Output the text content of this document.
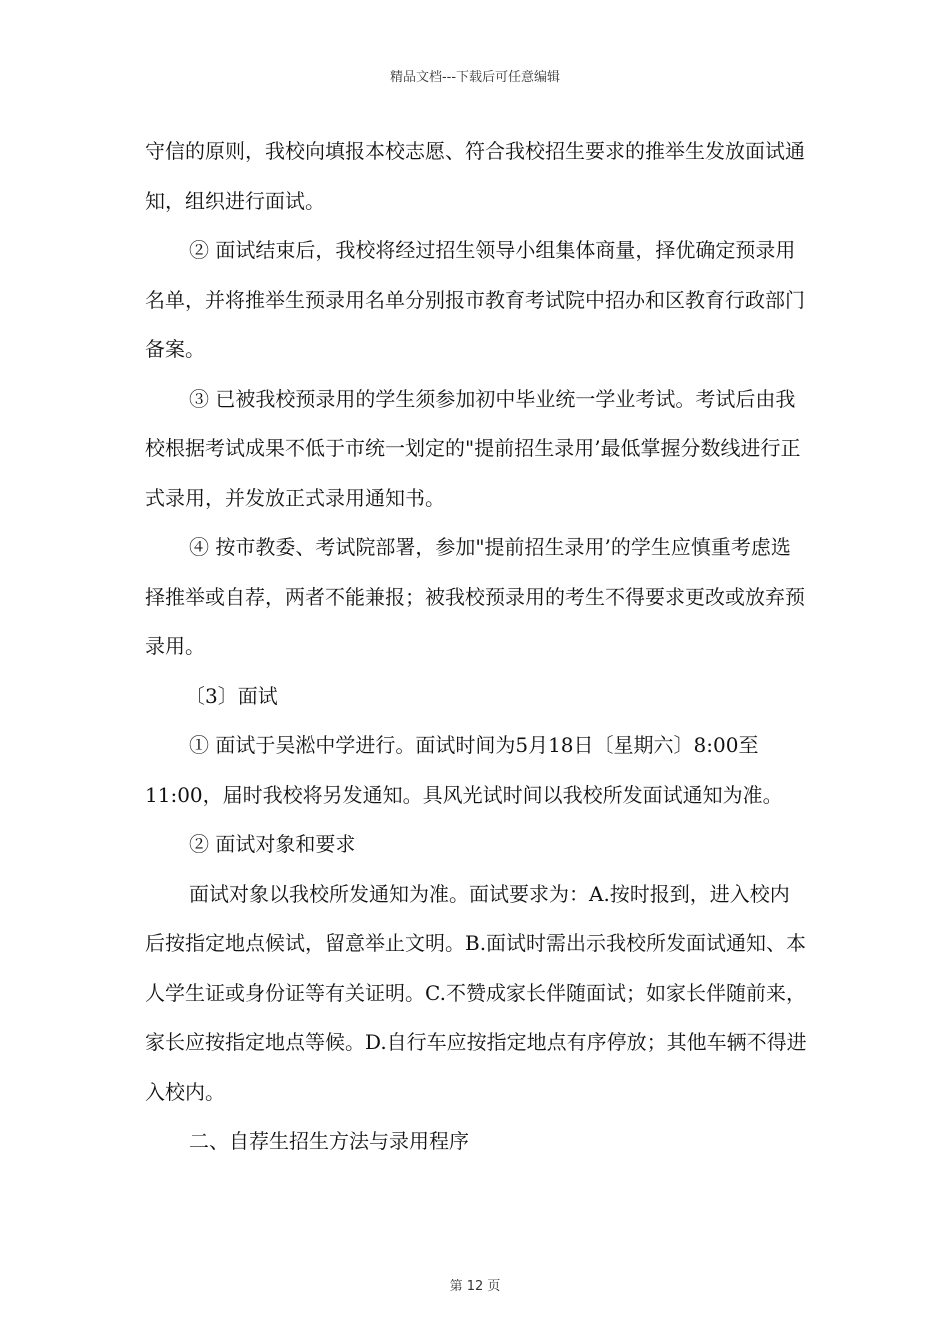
精品文档---下载后可任意编辑

守信的原则，我校向填报本校志愿、符合我校招生要求的推举生发放面试通知，组织进行面试。

② 面试结束后，我校将经过招生领导小组集体商量，择优确定预录用名单，并将推举生预录用名单分别报市教育考试院中招办和区教育行政部门备案。

③ 已被我校预录用的学生须参加初中毕业统一学业考试。考试后由我校根据考试成果不低于市统一划定的"提前招生录用’最低掌握分数线进行正式录用，并发放正式录用通知书。

④ 按市教委、考试院部署，参加"提前招生录用’的学生应慎重考虑选择推举或自荐，两者不能兼报；被我校预录用的考生不得要求更改或放弃预录用。

〔3〕面试

① 面试于吴淞中学进行。面试时间为5月18日〔星期六〕8:00至11:00，届时我校将另发通知。具风光试时间以我校所发面试通知为准。

② 面试对象和要求

面试对象以我校所发通知为准。面试要求为：A.按时报到，进入校内后按指定地点候试，留意举止文明。B.面试时需出示我校所发面试通知、本人学生证或身份证等有关证明。C.不赞成家长伴随面试；如家长伴随前来，家长应按指定地点等候。D.自行车应按指定地点有序停放；其他车辆不得进入校内。

二、自荐生招生方法与录用程序

第 12 页
